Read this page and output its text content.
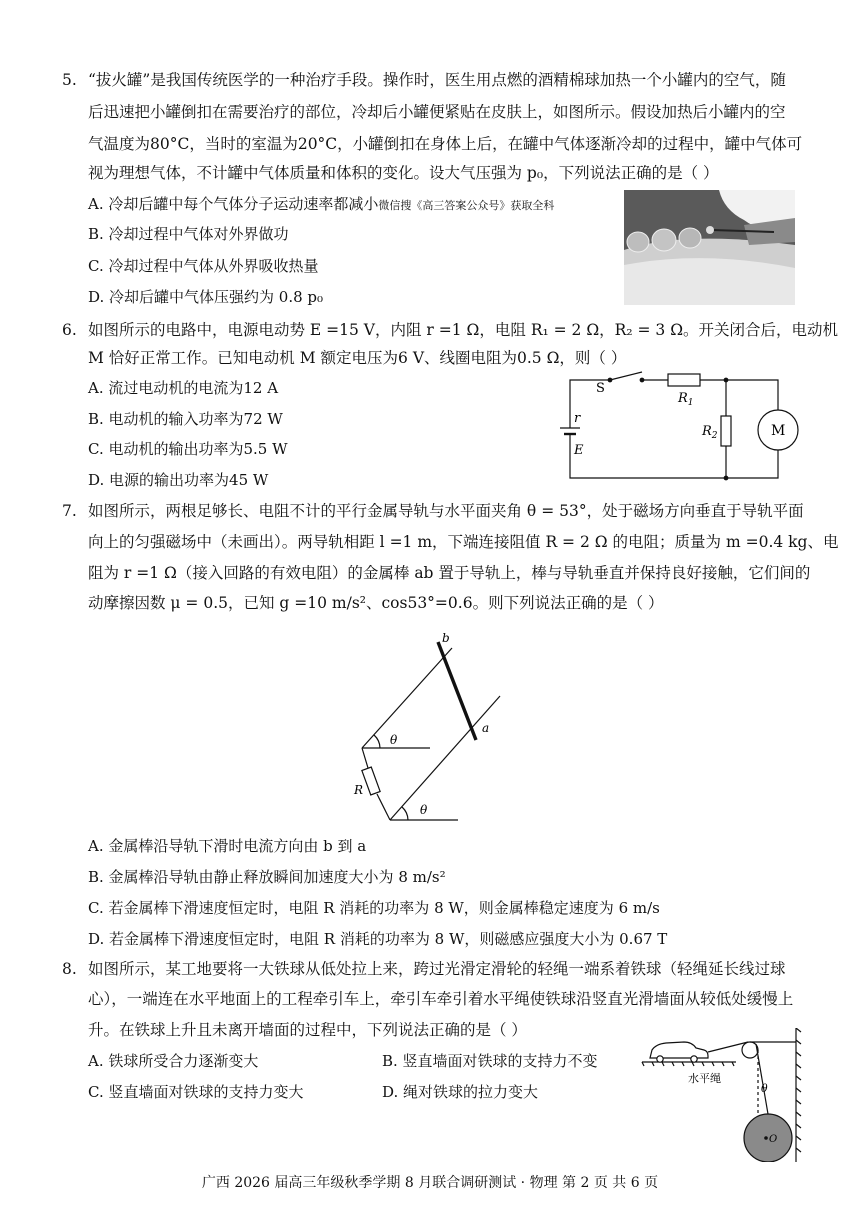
5. “拔火罐”是我国传统医学的一种治疗手段。操作时，医生用点燃的酒精棉球加热一个小罐内的空气，随
后迅速把小罐倒扣在需要治疗的部位，冷却后小罐便紧贴在皮肤上，如图所示。假设加热后小罐内的空
气温度为80°C，当时的室温为20°C，小罐倒扣在身体上后，在罐中气体逐渐冷却的过程中，罐中气体可
视为理想气体，不计罐中气体质量和体积的变化。设大气压强为 p₀，下列说法正确的是（ ）
A. 冷却后罐中每个气体分子运动速率都减小微信搜《高三答案公众号》获取全科
B. 冷却过程中气体对外界做功
C. 冷却过程中气体从外界吸收热量
D. 冷却后罐中气体压强约为 0.8 p₀
6. 如图所示的电路中，电源电动势 E =15 V，内阻 r =1 Ω，电阻 R₁ = 2 Ω，R₂ = 3 Ω。开关闭合后，电动机
M 恰好正常工作。已知电动机 M 额定电压为6 V、线圈电阻为0.5 Ω，则（ ）
A. 流过电动机的电流为12 A
B. 电动机的输入功率为72 W
C. 电动机的输出功率为5.5 W
D. 电源的输出功率为45 W
S
$R_1$
$R_2$	M
r
E
7. 如图所示，两根足够长、电阻不计的平行金属导轨与水平面夹角 θ = 53°，处于磁场方向垂直于导轨平面
向上的匀强磁场中（未画出）。两导轨相距 l =1 m，下端连接阻值 R = 2 Ω 的电阻；质量为 m =0.4 kg、电
阻为 r =1 Ω（接入回路的有效电阻）的金属棒 ab 置于导轨上，棒与导轨垂直并保持良好接触，它们间的
动摩擦因数 μ = 0.5，已知 g =10 m/s²、cos53°=0.6。则下列说法正确的是（ ）
b
a
θ
θ
R
A. 金属棒沿导轨下滑时电流方向由 b 到 a
B. 金属棒沿导轨由静止释放瞬间加速度大小为 8 m/s²
C. 若金属棒下滑速度恒定时，电阻 R 消耗的功率为 8 W，则金属棒稳定速度为 6 m/s
D. 若金属棒下滑速度恒定时，电阻 R 消耗的功率为 8 W，则磁感应强度大小为 0.67 T
8. 如图所示，某工地要将一大铁球从低处拉上来，跨过光滑定滑轮的轻绳一端系着铁球（轻绳延长线过球
心），一端连在水平地面上的工程牵引车上，牵引车牵引着水平绳使铁球沿竖直光滑墙面从较低处缓慢上
升。在铁球上升且未离开墙面的过程中，下列说法正确的是（ ）
A. 铁球所受合力逐渐变大	B. 竖直墙面对铁球的支持力不变
C. 竖直墙面对铁球的支持力变大	D. 绳对铁球的拉力变大
水平绳
θ
O
广西 2026 届高三年级秋季学期 8 月联合调研测试 · 物理 第 2 页 共 6 页
